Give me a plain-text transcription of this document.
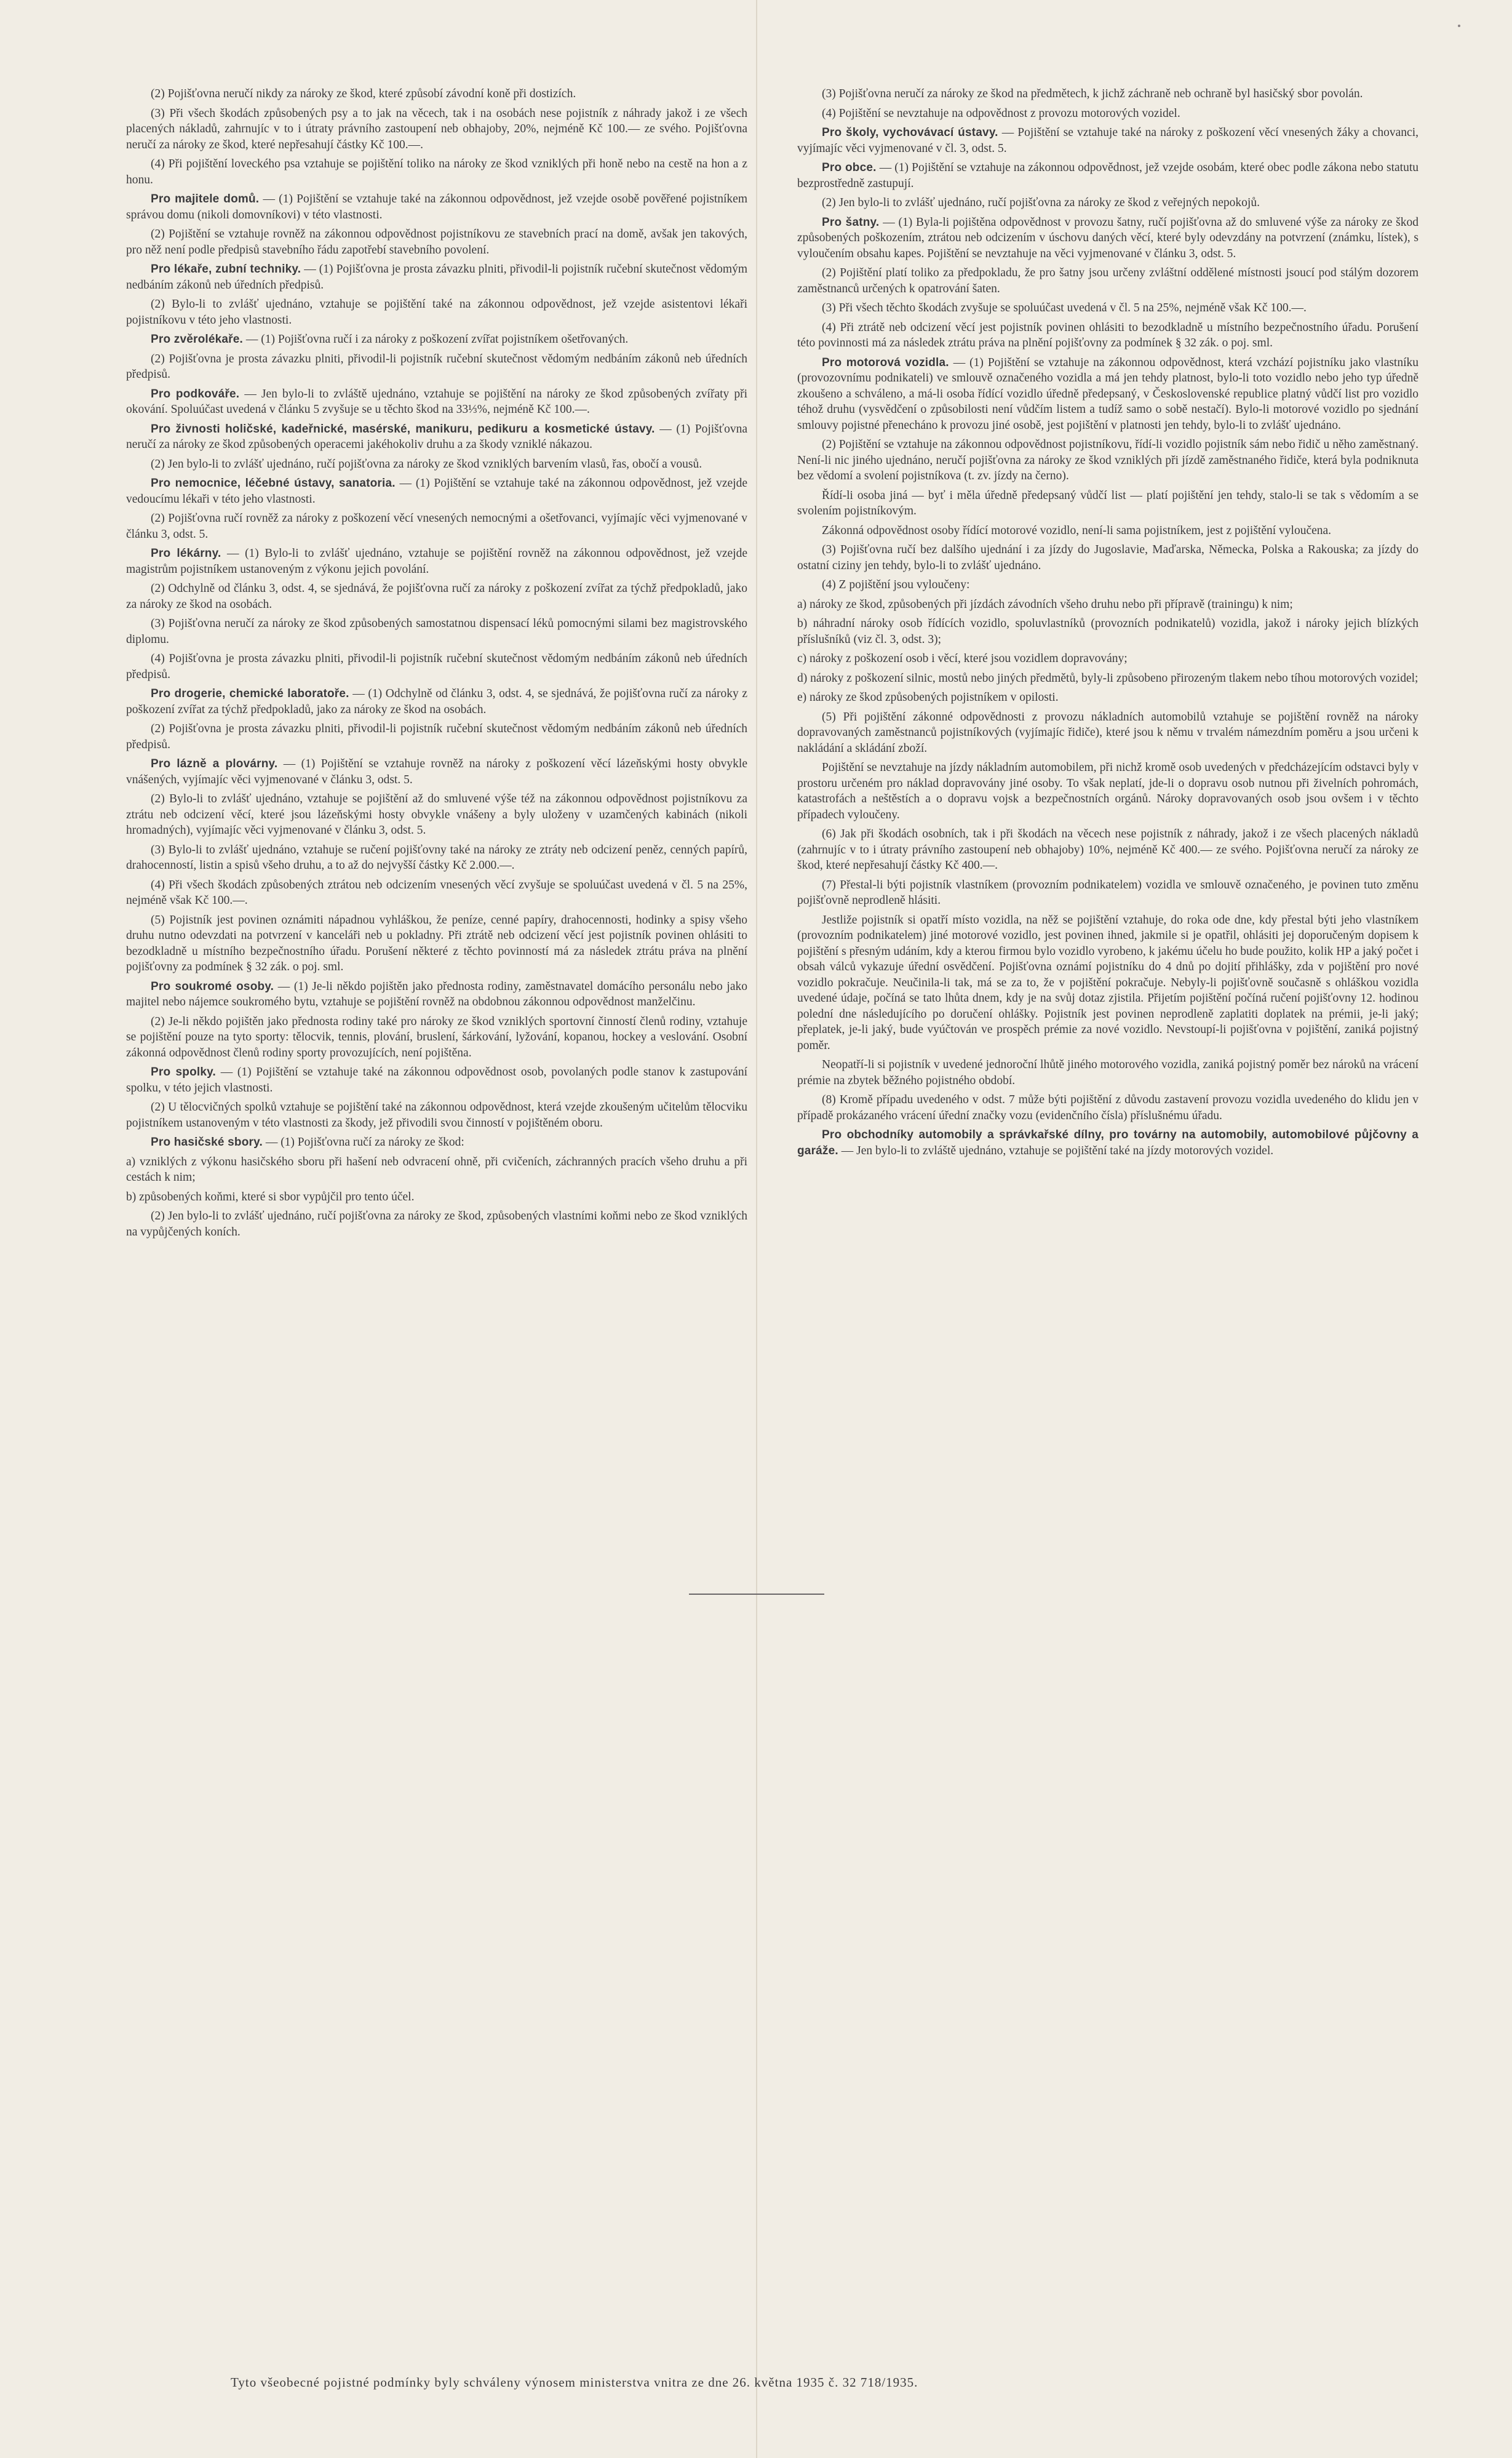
(2) Pojišťovna neručí nikdy za nároky ze škod, které způsobí závodní koně při dostizích.

(3) Při všech škodách způsobených psy a to jak na věcech, tak i na osobách nese pojistník z náhrady jakož i ze všech placených nákladů, zahrnujíc v to i útraty právního zastoupení neb obhajoby, 20%, nejméně Kč 100.— ze svého. Pojišťovna neručí za nároky ze škod, které nepřesahují částky Kč 100.—.

(4) Při pojištění loveckého psa vztahuje se pojištění toliko na nároky ze škod vzniklých při honě nebo na cestě na hon a z honu.

Pro majitele domů. — (1) Pojištění se vztahuje také na zákonnou odpovědnost, jež vzejde osobě pověřené pojistníkem správou domu (nikoli domovníkovi) v této vlastnosti.

(2) Pojištění se vztahuje rovněž na zákonnou odpovědnost pojistníkovu ze stavebních prací na domě, avšak jen takových, pro něž není podle předpisů stavebního řádu zapotřebí stavebního povolení.

Pro lékaře, zubní techniky. — (1) Pojišťovna je prosta závazku plniti, přivodil-li pojistník ručební skutečnost vědomým nedbáním zákonů neb úředních předpisů.

(2) Bylo-li to zvlášť ujednáno, vztahuje se pojištění také na zákonnou odpovědnost, jež vzejde asistentovi lékaři pojistníkovu v této jeho vlastnosti.

Pro zvěrolékaře. — (1) Pojišťovna ručí i za nároky z poškození zvířat pojistníkem ošetřovaných.

(2) Pojišťovna je prosta závazku plniti, přivodil-li pojistník ručební skutečnost vědomým nedbáním zákonů neb úředních předpisů.

Pro podkováře. — Jen bylo-li to zvláště ujednáno, vztahuje se pojištění na nároky ze škod způsobených zvířaty při okování. Spoluúčast uvedená v článku 5 zvyšuje se u těchto škod na 33⅓%, nejméně Kč 100.—.

Pro živnosti holičské, kadeřnické, masérské, manikuru, pedikuru a kosmetické ústavy. — (1) Pojišťovna neručí za nároky ze škod způsobených operacemi jakéhokoliv druhu a za škody vzniklé nákazou.

(2) Jen bylo-li to zvlášť ujednáno, ručí pojišťovna za nároky ze škod vzniklých barvením vlasů, řas, obočí a vousů.

Pro nemocnice, léčebné ústavy, sanatoria. — (1) Pojištění se vztahuje také na zákonnou odpovědnost, jež vzejde vedoucímu lékaři v této jeho vlastnosti.

(2) Pojišťovna ručí rovněž za nároky z poškození věcí vnesených nemocnými a ošetřovanci, vyjímajíc věci vyjmenované v článku 3, odst. 5.

Pro lékárny. — (1) Bylo-li to zvlášť ujednáno, vztahuje se pojištění rovněž na zákonnou odpovědnost, jež vzejde magistrům pojistníkem ustanoveným z výkonu jejich povolání.

(2) Odchylně od článku 3, odst. 4, se sjednává, že pojišťovna ručí za nároky z poškození zvířat za týchž předpokladů, jako za nároky ze škod na osobách.

(3) Pojišťovna neručí za nároky ze škod způsobených samostatnou dispensací léků pomocnými silami bez magistrovského diplomu.

(4) Pojišťovna je prosta závazku plniti, přivodil-li pojistník ručební skutečnost vědomým nedbáním zákonů neb úředních předpisů.

Pro drogerie, chemické laboratoře. — (1) Odchylně od článku 3, odst. 4, se sjednává, že pojišťovna ručí za nároky z poškození zvířat za týchž předpokladů, jako za nároky ze škod na osobách.

(2) Pojišťovna je prosta závazku plniti, přivodil-li pojistník ručební skutečnost vědomým nedbáním zákonů neb úředních předpisů.

Pro lázně a plovárny. — (1) Pojištění se vztahuje rovněž na nároky z poškození věcí lázeňskými hosty obvykle vnášených, vyjímajíc věci vyjmenované v článku 3, odst. 5.

(2) Bylo-li to zvlášť ujednáno, vztahuje se pojištění až do smluvené výše též na zákonnou odpovědnost pojistníkovu za ztrátu neb odcizení věcí, které jsou lázeňskými hosty obvykle vnášeny a byly uloženy v uzamčených kabinách (nikoli hromadných), vyjímajíc věci vyjmenované v článku 3, odst. 5.

(3) Bylo-li to zvlášť ujednáno, vztahuje se ručení pojišťovny také na nároky ze ztráty neb odcizení peněz, cenných papírů, drahocenností, listin a spisů všeho druhu, a to až do nejvyšší částky Kč 2.000.—.

(4) Při všech škodách způsobených ztrátou neb odcizením vnesených věcí zvyšuje se spoluúčast uvedená v čl. 5 na 25%, nejméně však Kč 100.—.

(5) Pojistník jest povinen oznámiti nápadnou vyhláškou, že peníze, cenné papíry, drahocennosti, hodinky a spisy všeho druhu nutno odevzdati na potvrzení v kanceláři neb u pokladny. Při ztrátě neb odcizení věcí jest pojistník povinen ohlásiti to bezodkladně u místního bezpečnostního úřadu. Porušení některé z těchto povinností má za následek ztrátu práva na plnění pojišťovny za podmínek § 32 zák. o poj. sml.

Pro soukromé osoby. — (1) Je-li někdo pojištěn jako přednosta rodiny, zaměstnavatel domácího personálu nebo jako majitel nebo nájemce soukromého bytu, vztahuje se pojištění rovněž na obdobnou zákonnou odpovědnost manželčinu.

(2) Je-li někdo pojištěn jako přednosta rodiny také pro nároky ze škod vzniklých sportovní činností členů rodiny, vztahuje se pojištění pouze na tyto sporty: tělocvik, tennis, plování, bruslení, šárkování, lyžování, kopanou, hockey a veslování. Osobní zákonná odpovědnost členů rodiny sporty provozujících, není pojištěna.

Pro spolky. — (1) Pojištění se vztahuje také na zákonnou odpovědnost osob, povolaných podle stanov k zastupování spolku, v této jejich vlastnosti.

(2) U tělocvičných spolků vztahuje se pojištění také na zákonnou odpovědnost, která vzejde zkoušeným učitelům tělocviku pojistníkem ustanoveným v této vlastnosti za škody, jež přivodili svou činností v pojištěném oboru.

Pro hasičské sbory. — (1) Pojišťovna ručí za nároky ze škod:

a) vzniklých z výkonu hasičského sboru při hašení neb odvracení ohně, při cvičeních, záchranných pracích všeho druhu a při cestách k nim;

b) způsobených koňmi, které si sbor vypůjčil pro tento účel.

(2) Jen bylo-li to zvlášť ujednáno, ručí pojišťovna za nároky ze škod, způsobených vlastními koňmi nebo ze škod vzniklých na vypůjčených koních.

(3) Pojišťovna neručí za nároky ze škod na předmětech, k jichž záchraně neb ochraně byl hasičský sbor povolán.

(4) Pojištění se nevztahuje na odpovědnost z provozu motorových vozidel.

Pro školy, vychovávací ústavy. — Pojištění se vztahuje také na nároky z poškození věcí vnesených žáky a chovanci, vyjímajíc věci vyjmenované v čl. 3, odst. 5.

Pro obce. — (1) Pojištění se vztahuje na zákonnou odpovědnost, jež vzejde osobám, které obec podle zákona nebo statutu bezprostředně zastupují.

(2) Jen bylo-li to zvlášť ujednáno, ručí pojišťovna za nároky ze škod z veřejných nepokojů.

Pro šatny. — (1) Byla-li pojištěna odpovědnost v provozu šatny, ručí pojišťovna až do smluvené výše za nároky ze škod způsobených poškozením, ztrátou neb odcizením v úschovu daných věcí, které byly odevzdány na potvrzení (známku, lístek), s vyloučením obsahu kapes. Pojištění se nevztahuje na věci vyjmenované v článku 3, odst. 5.

(2) Pojištění platí toliko za předpokladu, že pro šatny jsou určeny zvláštní oddělené místnosti jsoucí pod stálým dozorem zaměstnanců určených k opatrování šaten.

(3) Při všech těchto škodách zvyšuje se spoluúčast uvedená v čl. 5 na 25%, nejméně však Kč 100.—.

(4) Při ztrátě neb odcizení věcí jest pojistník povinen ohlásiti to bezodkladně u místního bezpečnostního úřadu. Porušení této povinnosti má za následek ztrátu práva na plnění pojišťovny za podmínek § 32 zák. o poj. sml.

Pro motorová vozidla. — (1) Pojištění se vztahuje na zákonnou odpovědnost, která vzchází pojistníku jako vlastníku (provozovnímu podnikateli) ve smlouvě označeného vozidla a má jen tehdy platnost, bylo-li toto vozidlo nebo jeho typ úředně zkoušeno a schváleno, a má-li osoba řídící vozidlo úředně předepsaný, v Československé republice platný vůdčí list pro vozidlo téhož druhu (vysvědčení o způsobilosti není vůdčím listem a tudíž samo o sobě nestačí). Bylo-li motorové vozidlo po sjednání smlouvy pojistné přenecháno k provozu jiné osobě, jest pojištění v platnosti jen tehdy, bylo-li to zvlášť ujednáno.

(2) Pojištění se vztahuje na zákonnou odpovědnost pojistníkovu, řídí-li vozidlo pojistník sám nebo řidič u něho zaměstnaný. Není-li nic jiného ujednáno, neručí pojišťovna za nároky ze škod vzniklých při jízdě zaměstnaného řidiče, která byla podniknuta bez vědomí a svolení pojistníkova (t. zv. jízdy na černo).

Řídí-li osoba jiná — byť i měla úředně předepsaný vůdčí list — platí pojištění jen tehdy, stalo-li se tak s vědomím a se svolením pojistníkovým.

Zákonná odpovědnost osoby řídící motorové vozidlo, není-li sama pojistníkem, jest z pojištění vyloučena.

(3) Pojišťovna ručí bez dalšího ujednání i za jízdy do Jugoslavie, Maďarska, Německa, Polska a Rakouska; za jízdy do ostatní ciziny jen tehdy, bylo-li to zvlášť ujednáno.

(4) Z pojištění jsou vyloučeny:

a) nároky ze škod, způsobených při jízdách závodních všeho druhu nebo při přípravě (trainingu) k nim;

b) náhradní nároky osob řídících vozidlo, spoluvlastníků (provozních podnikatelů) vozidla, jakož i nároky jejich blízkých příslušníků (viz čl. 3, odst. 3);

c) nároky z poškození osob i věcí, které jsou vozidlem dopravovány;

d) nároky z poškození silnic, mostů nebo jiných předmětů, byly-li způsobeno přirozeným tlakem nebo tíhou motorových vozidel;

e) nároky ze škod způsobených pojistníkem v opilosti.

(5) Při pojištění zákonné odpovědnosti z provozu nákladních automobilů vztahuje se pojištění rovněž na nároky dopravovaných zaměstnanců pojistníkových (vyjímajíc řidiče), které jsou k němu v trvalém námezdním poměru a jsou určeni k nakládání a skládání zboží.

Pojištění se nevztahuje na jízdy nákladním automobilem, při nichž kromě osob uvedených v předcházejícím odstavci byly v prostoru určeném pro náklad dopravovány jiné osoby. To však neplatí, jde-li o dopravu osob nutnou při živelních pohromách, katastrofách a neštěstích a o dopravu vojsk a bezpečnostních orgánů. Nároky dopravovaných osob jsou ovšem i v těchto případech vyloučeny.

(6) Jak při škodách osobních, tak i při škodách na věcech nese pojistník z náhrady, jakož i ze všech placených nákladů (zahrnujíc v to i útraty právního zastoupení neb obhajoby) 10%, nejméně Kč 400.— ze svého. Pojišťovna neručí za nároky ze škod, které nepřesahují částky Kč 400.—.

(7) Přestal-li býti pojistník vlastníkem (provozním podnikatelem) vozidla ve smlouvě označeného, je povinen tuto změnu pojišťovně neprodleně hlásiti.

Jestliže pojistník si opatří místo vozidla, na něž se pojištění vztahuje, do roka ode dne, kdy přestal býti jeho vlastníkem (provozním podnikatelem) jiné motorové vozidlo, jest povinen ihned, jakmile si je opatřil, ohlásiti jej doporučeným dopisem k pojištění s přesným udáním, kdy a kterou firmou bylo vozidlo vyrobeno, k jakému účelu ho bude použito, kolik HP a jaký počet i obsah válců vykazuje úřední osvědčení. Pojišťovna oznámí pojistníku do 4 dnů po dojití přihlášky, zda v pojištění pro nové vozidlo pokračuje. Neučinila-li tak, má se za to, že v pojištění pokračuje. Nebyly-li pojišťovně současně s ohláškou vozidla uvedené údaje, počíná se tato lhůta dnem, kdy je na svůj dotaz zjistila. Přijetím pojištění počíná ručení pojišťovny 12. hodinou polední dne následujícího po doručení ohlášky. Pojistník jest povinen neprodleně zaplatiti doplatek na prémii, je-li jaký; přeplatek, je-li jaký, bude vyúčtován ve prospěch prémie za nové vozidlo. Nevstoupí-li pojišťovna v pojištění, zaniká pojistný poměr.

Neopatří-li si pojistník v uvedené jednoroční lhůtě jiného motorového vozidla, zaniká pojistný poměr bez nároků na vrácení prémie na zbytek běžného pojistného období.

(8) Kromě případu uvedeného v odst. 7 může býti pojištění z důvodu zastavení provozu vozidla uvedeného do klidu jen v případě prokázaného vrácení úřední značky vozu (evidenčního čísla) příslušnému úřadu.

Pro obchodníky automobily a správkařské dílny, pro továrny na automobily, automobilové půjčovny a garáže. — Jen bylo-li to zvláště ujednáno, vztahuje se pojištění také na jízdy motorových vozidel.

Tyto všeobecné pojistné podmínky byly schváleny výnosem ministerstva vnitra ze dne 26. května 1935 č. 32 718/1935.
